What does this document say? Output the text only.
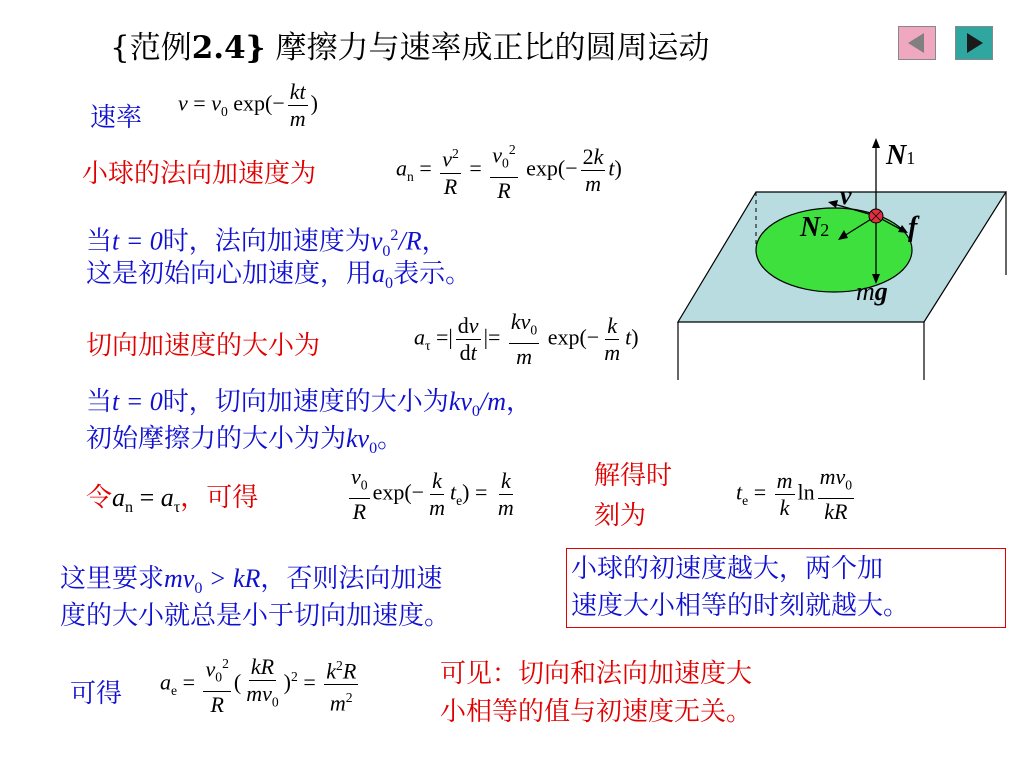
{范例2.4} 摩擦力与速率成正比的圆周运动
速率 $v = v_0$ $\exp(- \frac{kt}{m}$ )
小球的法向加速度为	$a_n = \frac{v^2}{R} = \frac{v_0^2}{R} \exp(- \frac{2k}{m} t)$
当t = 0时，法向加速度为$v_0^2/R$，
这是初始向心加速度，用$a_0$表示。
切向加速度的大小为	$a_\tau$ =| $\frac{dv}{dt}$ |= $\frac{kv_0}{m} \exp(- \frac{k}{m} t)$
当t = 0时，切向加速度的大小为$kv_0/m$，
初始摩擦力的大小为为$kv_0$。
令$a_n = a_\tau$，可得	$\frac{v_0}{R} \exp(- \frac{k}{m} t_e) = \frac{k}{m}$	解得时
刻为
$t_e = \frac{m}{k}$ $\ln \frac{mv_0}{kR}$
这里要求$mv_0$ > kR，否则法向加速
度的大小就总是小于切向加速度。
小球的初速度越大，两个加
速度大小相等的时刻就越大。
可得 $a_e = \frac{v_0^2}{R}$ ( $\frac{kR}{mv_0} )^2 = \frac{k^2R}{m^2}$	可见：切向和法向加速度大
小相等的值与初速度无关。
N1
v
N2	f
mg
